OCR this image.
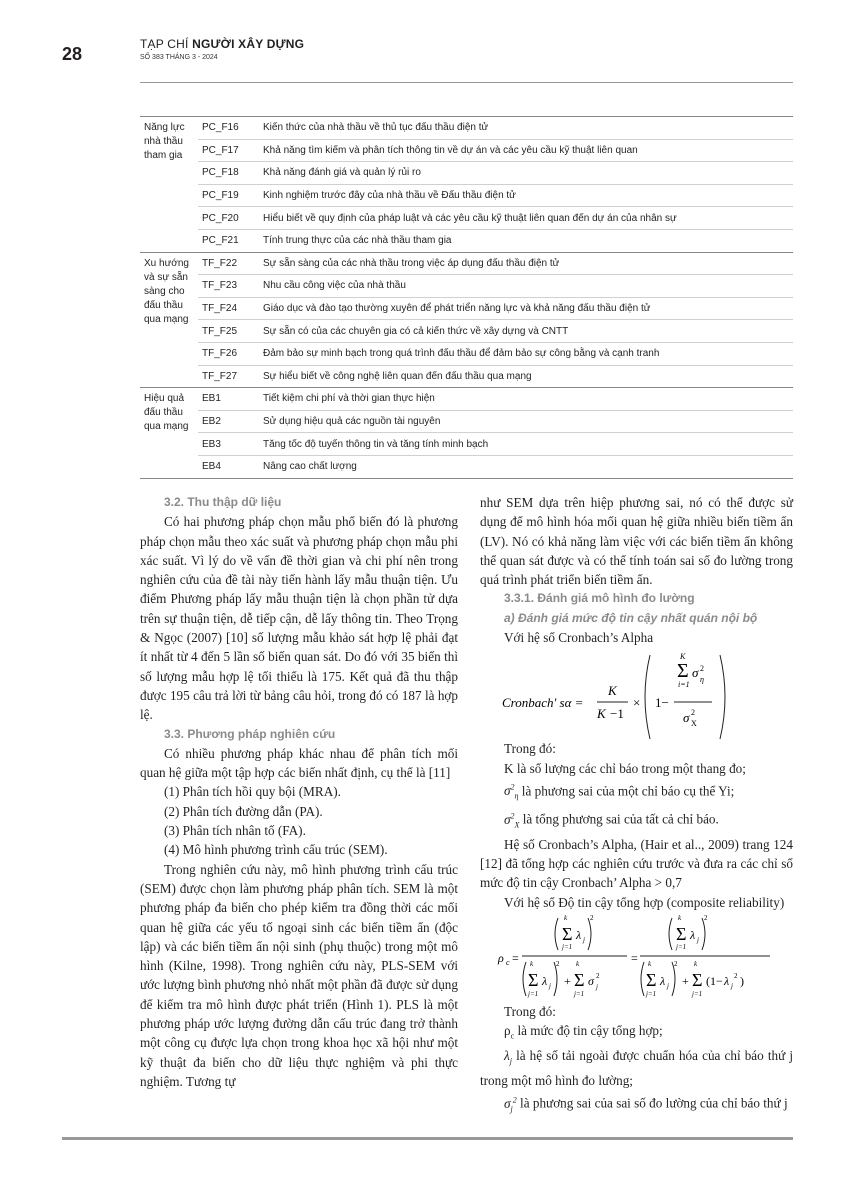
28	TẠP CHÍ NGƯỜI XÂY DỰNG
SỐ 383 THÁNG 3 - 2024
Năng lực nhà thầu tham gia	PC_F16	Kiến thức của nhà thầu về thủ tục đấu thầu điện tử
	PC_F17	Khả năng tìm kiếm và phân tích thông tin về dự án và các yêu cầu kỹ thuật liên quan
	PC_F18	Khả năng đánh giá và quản lý rủi ro
	PC_F19	Kinh nghiệm trước đây của nhà thầu về Đấu thầu điện tử
	PC_F20	Hiểu biết về quy định của pháp luật và các yêu cầu kỹ thuật liên quan đến dự án của nhân sự
	PC_F21	Tính trung thực của các nhà thầu tham gia
Xu hướng và sự sẵn sàng cho đấu thầu qua mạng	TF_F22	Sự sẵn sàng của các nhà thầu trong việc áp dụng đấu thầu điện tử
	TF_F23	Nhu cầu công việc của nhà thầu
	TF_F24	Giáo dục và đào tạo thường xuyên để phát triển năng lực và khả năng đấu thầu điện tử
	TF_F25	Sự sẵn có của các chuyên gia có cả kiến thức về xây dựng và CNTT
	TF_F26	Đảm bảo sự minh bạch trong quá trình đấu thầu để đảm bảo sự công bằng và cạnh tranh
	TF_F27	Sự hiểu biết về công nghệ liên quan đến đấu thầu qua mạng
Hiệu quả đấu thầu qua mạng	EB1	Tiết kiệm chi phí và thời gian thực hiện
	EB2	Sử dụng hiệu quả các nguồn tài nguyên
	EB3	Tăng tốc độ tuyến thông tin và tăng tính minh bạch
	EB4	Nâng cao chất lượng

3.2. Thu thập dữ liệu

Có hai phương pháp chọn mẫu phổ biến đó là phương pháp chọn mẫu theo xác suất và phương pháp chọn mẫu phi xác suất. Vì lý do về vấn đề thời gian và chi phí nên trong nghiên cứu của đề tài này tiến hành lấy mẫu thuận tiện. Ưu điểm Phương pháp lấy mẫu thuận tiện là chọn phần tử dựa trên sự thuận tiện, dễ tiếp cận, dễ lấy thông tin. Theo Trọng & Ngọc (2007) [10] số lượng mẫu khảo sát hợp lệ phải đạt ít nhất từ 4 đến 5 lần số biến quan sát. Do đó với 35 biến thì số lượng mẫu hợp lệ tối thiểu là 175. Kết quả đã thu thập được 195 câu trả lời từ bảng câu hỏi, trong đó có 187 là hợp lệ.

3.3. Phương pháp nghiên cứu

Có nhiều phương pháp khác nhau để phân tích mối quan hệ giữa một tập hợp các biến nhất định, cụ thể là [11]

(1) Phân tích hồi quy bội (MRA).

(2) Phân tích đường dẫn (PA).

(3) Phân tích nhân tố (FA).

(4) Mô hình phương trình cấu trúc (SEM).

Trong nghiên cứu này, mô hình phương trình cấu trúc (SEM) được chọn làm phương pháp phân tích. SEM là một phương pháp đa biến cho phép kiểm tra đồng thời các mối quan hệ giữa các yếu tố ngoại sinh các biến tiềm ẩn (độc lập) và các biến tiềm ẩn nội sinh (phụ thuộc) trong một mô hình (Kilne, 1998). Trong nghiên cứu này, PLS-SEM với ước lượng bình phương nhỏ nhất một phần đã được sử dụng để kiểm tra mô hình được phát triển (Hình 1). PLS là một phương pháp ước lượng đường dẫn cấu trúc đang trở thành một công cụ được lựa chọn trong khoa học xã hội như một kỹ thuật đa biến cho dữ liệu thực nghiệm và phi thực nghiệm. Tương tự

như SEM dựa trên hiệp phương sai, nó có thể được sử dụng để mô hình hóa mối quan hệ giữa nhiều biến tiềm ẩn (LV). Nó có khả năng làm việc với các biến tiềm ẩn không thể quan sát được và có thể tính toán sai số đo lường trong quá trình phát triển biến tiềm ẩn.

3.3.1. Đánh giá mô hình đo lường

a) Đánh giá mức độ tin cậy nhất quán nội bộ

Với hệ số Cronbach’s Alpha

Cronbach' sα =
K
K −1
× 1−
Σ
K
i=1
σ 2
η
σ 2
X

Trong đó:

K là số lượng các chỉ báo trong một thang đo;

$\sigma^2_\eta$ là phương sai của một chỉ báo cụ thể Yi;

$\sigma^2_X$ là tổng phương sai của tất cả chỉ báo.

Hệ số Cronbach’s Alpha, (Hair et al.., 2009) trang 124 [12] đã tổng hợp các nghiên cứu trước và đưa ra các chỉ số mức độ tin cậy Cronbach’ Alpha > 0,7

Với hệ số Độ tin cậy tổng hợp (composite reliability)

ρ c =
Σ
k
j=1
λ j
2
Σ
k
j=1
λ j
2
+ Σ
k
j=1
σ 2
j
=
Σ
k
j=1
λ j
2
Σ
k
j=1
λ j
2
+ Σ
k
j=1
(1− λ j
2 )

Trong đó:

$\rho_c$ là mức độ tin cậy tổng hợp;

$\lambda_j$ là hệ số tải ngoài được chuẩn hóa của chỉ báo thứ j trong một mô hình đo lường;

$\sigma_j^2$ là phương sai của sai số đo lường của chỉ báo thứ j
